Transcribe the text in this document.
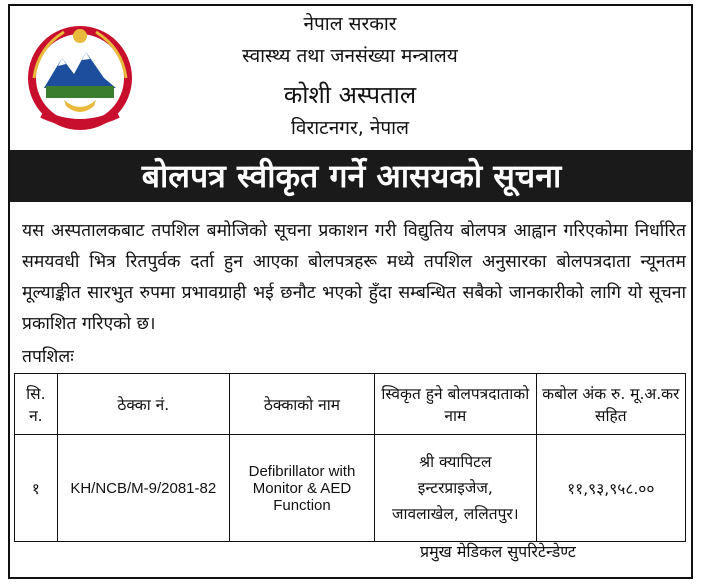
नेपाल सरकार
स्वास्थ्य तथा जनसंख्या मन्त्रालय
कोशी अस्पताल
विराटनगर, नेपाल
बोलपत्र स्वीकृत गर्ने आसयको सूचना
यस अस्पतालकबाट तपशिल बमोजिको सूचना प्रकाशन गरी विद्युतिय बोलपत्र आह्वान गरिएकोमा निर्धारित समयवधी भित्र रितपुर्वक दर्ता हुन आएका बोलपत्रहरू मध्ये तपशिल अनुसारका बोलपत्रदाता न्यूनतम मूल्याङ्कीत सारभुत रुपमा प्रभावग्राही भई छनौट भएको हुँदा सम्बन्धित सबैको जानकारीको लागि यो सूचना प्रकाशित गरिएको छ।
तपशिलः
सि. न.	ठेक्का नं.	ठेक्काको नाम	स्विकृत हुने बोलपत्रदाताको नाम	कबोल अंक रु. मू.अ.कर सहित
१	KH/NCB/M-9/2081-82	Defibrillator with Monitor & AED Function	श्री क्यापिटल
इन्टरप्राइजेज,
जावलाखेल, ललितपुर।	११,९३,९५८.००
प्रमुख मेडिकल सुपरिटेन्डेण्ट
